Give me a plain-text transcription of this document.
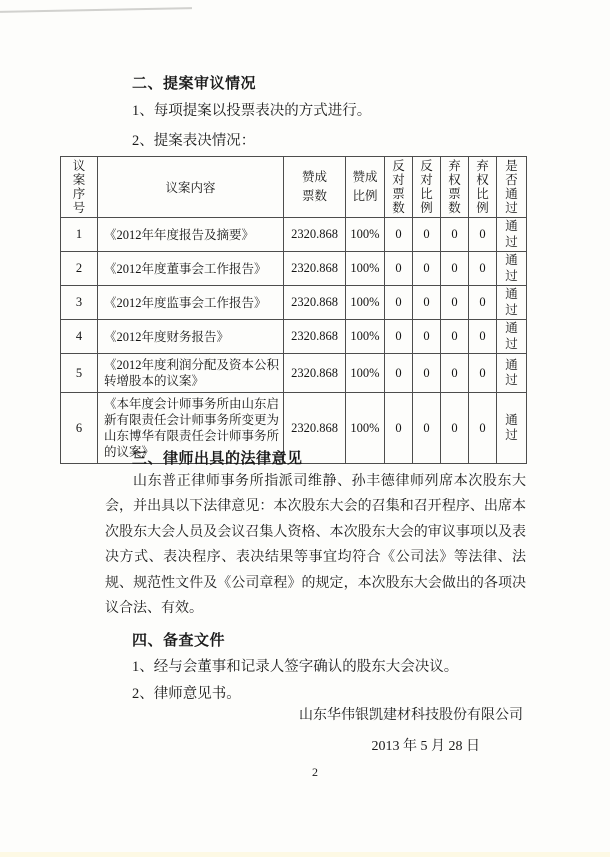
二、提案审议情况
1、每项提案以投票表决的方式进行。
2、提案表决情况：
议案序号	议案内容	赞成票数	赞成比例	反对票数	反对比例	弃权票数	弃权比例	是否通过
1	《2012年年度报告及摘要》	2320.868	100%	0	0	0	0	通过
2	《2012年度董事会工作报告》	2320.868	100%	0	0	0	0	通过
3	《2012年度监事会工作报告》	2320.868	100%	0	0	0	0	通过
4	《2012年度财务报告》	2320.868	100%	0	0	0	0	通过
5	《2012年度利润分配及资本公积转增股本的议案》	2320.868	100%	0	0	0	0	通过
6	《本年度会计师事务所由山东启新有限责任会计师事务所变更为山东博华有限责任会计师事务所的议案》	2320.868	100%	0	0	0	0	通过
三、律师出具的法律意见
山东普正律师事务所指派司维静、孙丰德律师列席本次股东大会，并出具以下法律意见：本次股东大会的召集和召开程序、出席本次股东大会人员及会议召集人资格、本次股东大会的审议事项以及表决方式、表决程序、表决结果等事宜均符合《公司法》等法律、法规、规范性文件及《公司章程》的规定，本次股东大会做出的各项决议合法、有效。
四、备查文件
1、经与会董事和记录人签字确认的股东大会决议。
2、律师意见书。
山东华伟银凯建材科技股份有限公司
2013 年 5 月 28 日
2
